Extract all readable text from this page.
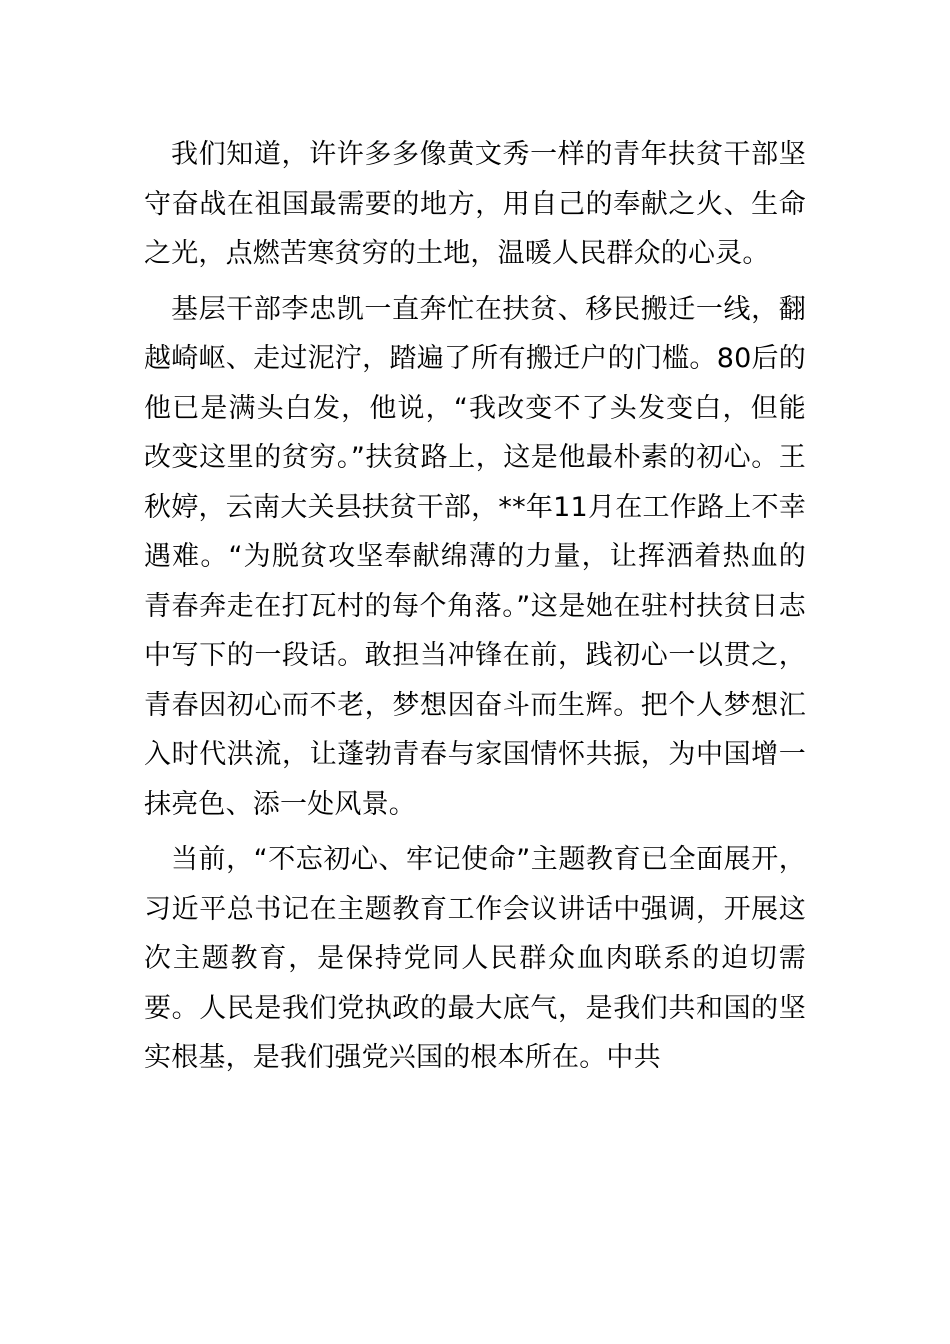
我们知道，许许多多像黄文秀一样的青年扶贫干部坚守奋战在祖国最需要的地方，用自己的奉献之火、生命之光，点燃苦寒贫穷的土地，温暖人民群众的心灵。

基层干部李忠凯一直奔忙在扶贫、移民搬迁一线，翻越崎岖、走过泥泞，踏遍了所有搬迁户的门槛。80后的他已是满头白发，他说，“我改变不了头发变白，但能改变这里的贫穷。”扶贫路上，这是他最朴素的初心。王秋婷，云南大关县扶贫干部，**年11月在工作路上不幸遇难。“为脱贫攻坚奉献绵薄的力量，让挥洒着热血的青春奔走在打瓦村的每个角落。”这是她在驻村扶贫日志中写下的一段话。敢担当冲锋在前，践初心一以贯之，青春因初心而不老，梦想因奋斗而生辉。把个人梦想汇入时代洪流，让蓬勃青春与家国情怀共振，为中国增一抹亮色、添一处风景。

当前，“不忘初心、牢记使命”主题教育已全面展开，习近平总书记在主题教育工作会议讲话中强调，开展这次主题教育，是保持党同人民群众血肉联系的迫切需要。人民是我们党执政的最大底气，是我们共和国的坚实根基，是我们强党兴国的根本所在。中共
